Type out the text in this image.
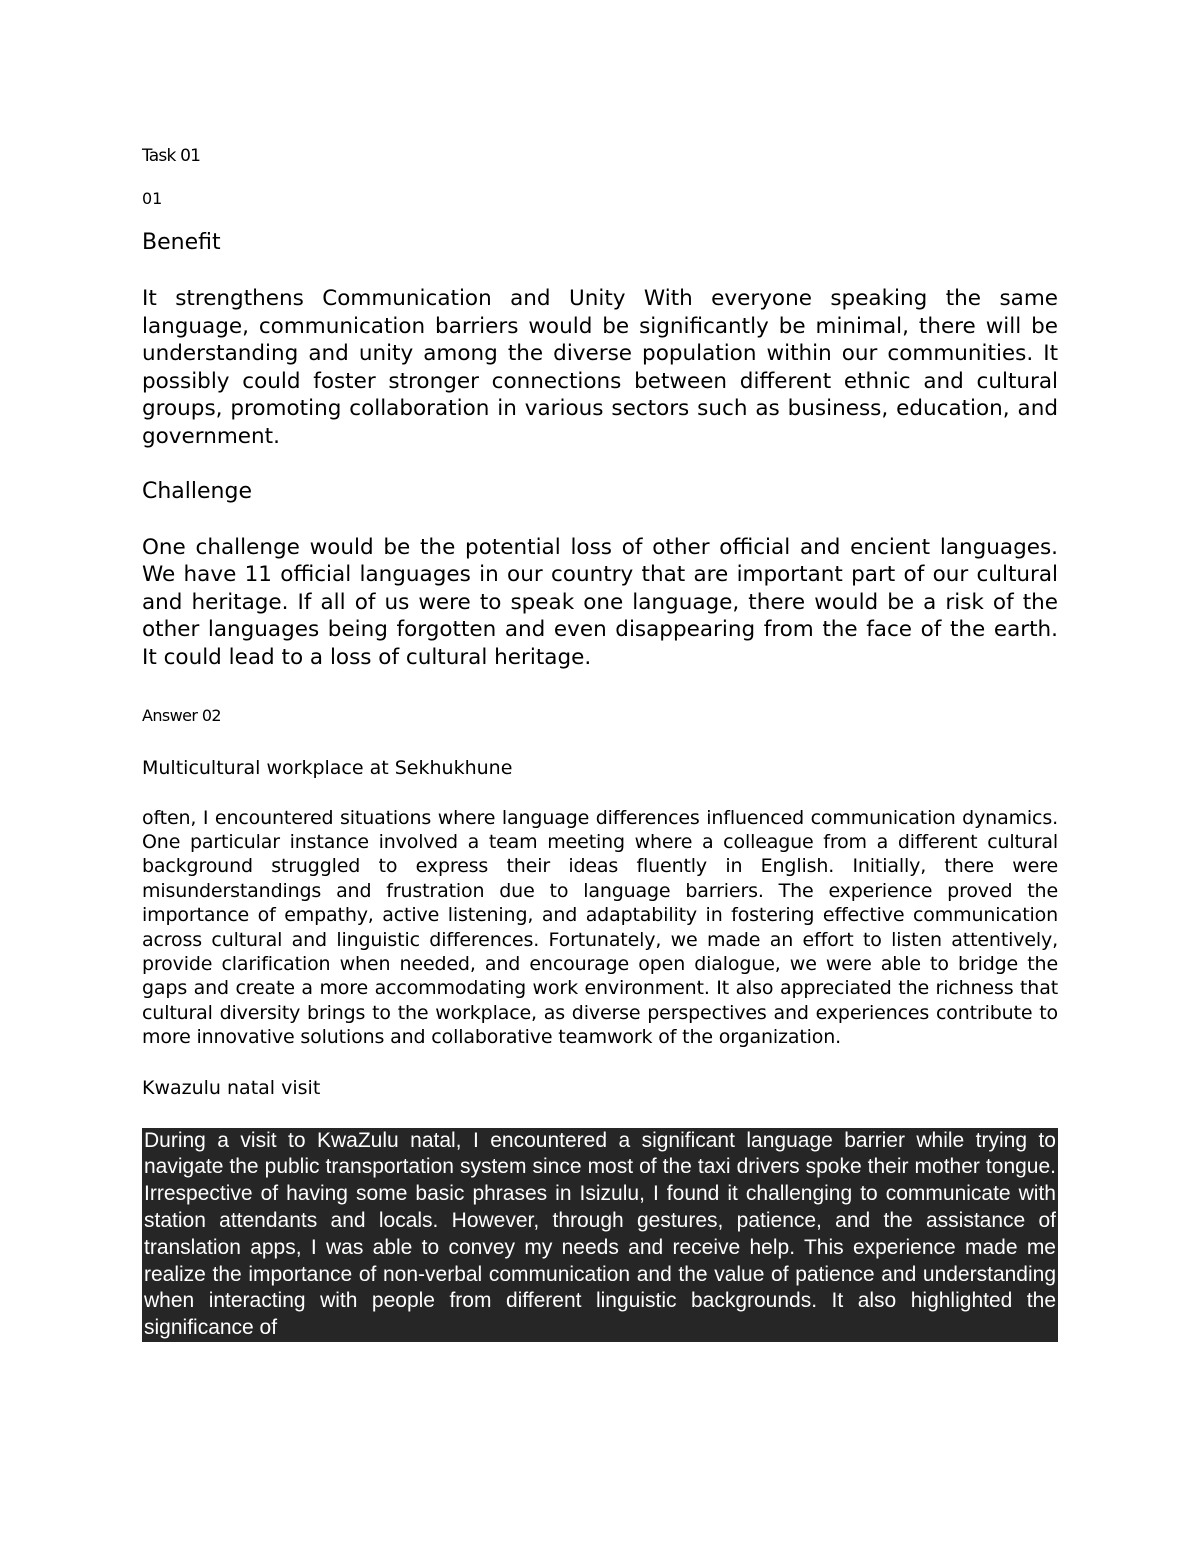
Task 01

01

Benefit

It strengthens Communication and Unity With everyone speaking the same language, communication barriers would be significantly be minimal, there will be understanding and unity among the diverse population within our communities. It possibly could foster stronger connections between different ethnic and cultural groups, promoting collaboration in various sectors such as business, education, and government.

Challenge

One challenge would be the potential loss of other official and encient languages. We have 11 official languages in our country that are important part of our cultural and heritage. If all of us were to speak one language, there would be a risk of the other languages being forgotten and even disappearing from the face of the earth. It could lead to a loss of cultural heritage.

Answer 02

Multicultural workplace at Sekhukhune

often, I encountered situations where language differences influenced communication dynamics. One particular instance involved a team meeting where a colleague from a different cultural background struggled to express their ideas fluently in English. Initially, there were misunderstandings and frustration due to language barriers. The experience proved the importance of empathy, active listening, and adaptability in fostering effective communication across cultural and linguistic differences. Fortunately, we made an effort to listen attentively, provide clarification when needed, and encourage open dialogue, we were able to bridge the gaps and create a more accommodating work environment. It also appreciated the richness that cultural diversity brings to the workplace, as diverse perspectives and experiences contribute to more innovative solutions and collaborative teamwork of the organization.

Kwazulu natal visit

During a visit to KwaZulu natal, I encountered a significant language barrier while trying to navigate the public transportation system since most of the taxi drivers spoke their mother tongue. Irrespective of having some basic phrases in Isizulu, I found it challenging to communicate with station attendants and locals. However, through gestures, patience, and the assistance of translation apps, I was able to convey my needs and receive help. This experience made me realize the importance of non-verbal communication and the value of patience and understanding when interacting with people from different linguistic backgrounds. It also highlighted the significance of
